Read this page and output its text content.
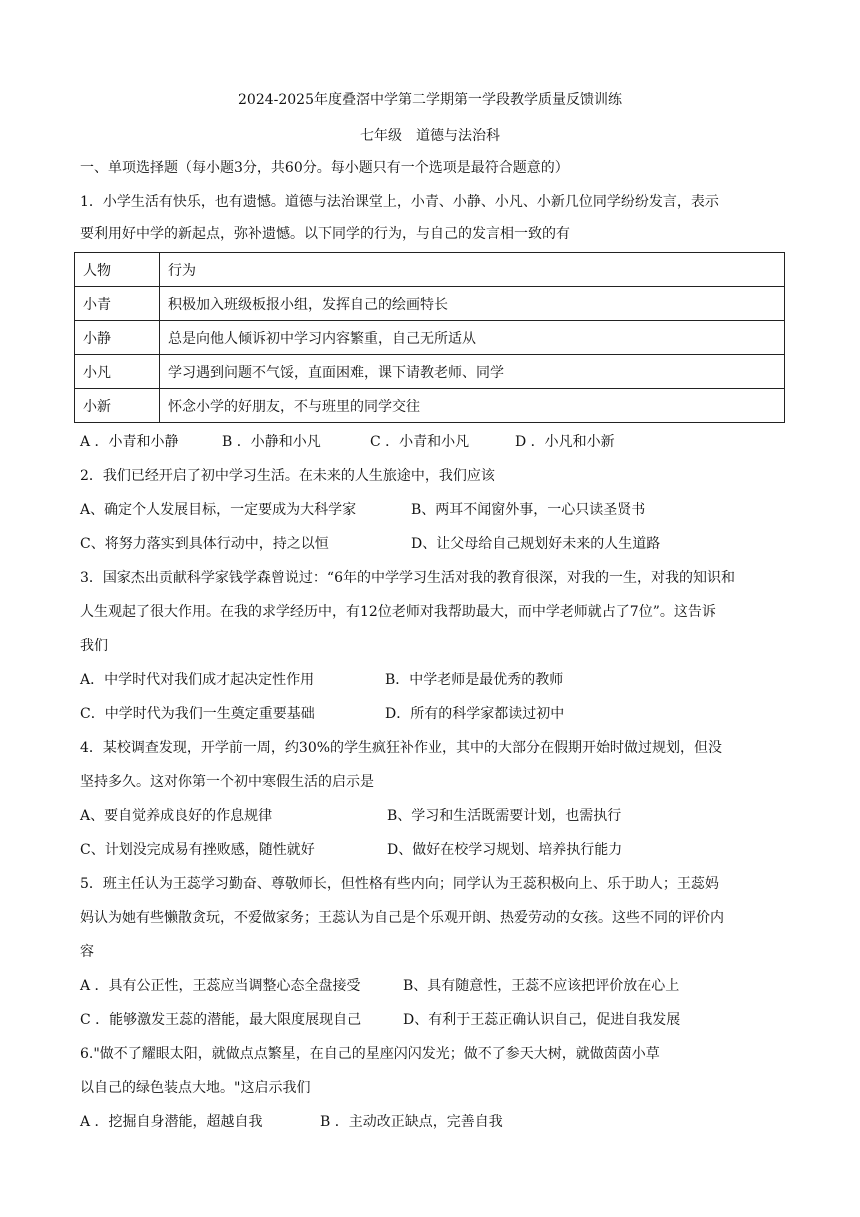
2024-2025年度叠滘中学第二学期第一学段教学质量反馈训练
七年级　道德与法治科
一、单项选择题（每小题3分，共60分。每小题只有一个选项是最符合题意的）
1．小学生活有快乐，也有遗憾。道德与法治课堂上，小青、小静、小凡、小新几位同学纷纷发言，表示
要利用好中学的新起点，弥补遗憾。以下同学的行为，与自己的发言相一致的有
人物	行为
小青	积极加入班级板报小组，发挥自己的绘画特长
小静	总是向他人倾诉初中学习内容繁重，自己无所适从
小凡	学习遇到问题不气馁，直面困难，课下请教老师、同学
小新	怀念小学的好朋友，不与班里的同学交往
A ．小青和小静	B ．小静和小凡	C ．小青和小凡	D ．小凡和小新
2．我们已经开启了初中学习生活。在未来的人生旅途中，我们应该
A、确定个人发展目标，一定要成为大科学家	B、两耳不闻窗外事，一心只读圣贤书
C、将努力落实到具体行动中，持之以恒	D、让父母给自己规划好未来的人生道路
3．国家杰出贡献科学家钱学森曾说过：“6年的中学学习生活对我的教育很深，对我的一生，对我的知识和
人生观起了很大作用。在我的求学经历中，有12位老师对我帮助最大，而中学老师就占了7位”。这告诉
我们
A．中学时代对我们成才起决定性作用	B．中学老师是最优秀的教师
C．中学时代为我们一生奠定重要基础	D．所有的科学家都读过初中
4．某校调查发现，开学前一周，约30%的学生疯狂补作业，其中的大部分在假期开始时做过规划，但没
坚持多久。这对你第一个初中寒假生活的启示是
A、要自觉养成良好的作息规律	B、学习和生活既需要计划，也需执行
C、计划没完成易有挫败感，随性就好	D、做好在校学习规划、培养执行能力
5．班主任认为王蕊学习勤奋、尊敬师长，但性格有些内向；同学认为王蕊积极向上、乐于助人；王蕊妈
妈认为她有些懒散贪玩，不爱做家务；王蕊认为自己是个乐观开朗、热爱劳动的女孩。这些不同的评价内
容
A ．具有公正性，王蕊应当调整心态全盘接受	B、具有随意性，王蕊不应该把评价放在心上
C ．能够激发王蕊的潜能，最大限度展现自己	D、有利于王蕊正确认识自己，促进自我发展
6."做不了耀眼太阳，就做点点繁星，在自己的星座闪闪发光；做不了参天大树，就做茵茵小草
以自己的绿色装点大地。"这启示我们
A ．挖掘自身潜能，超越自我	B ．主动改正缺点，完善自我
